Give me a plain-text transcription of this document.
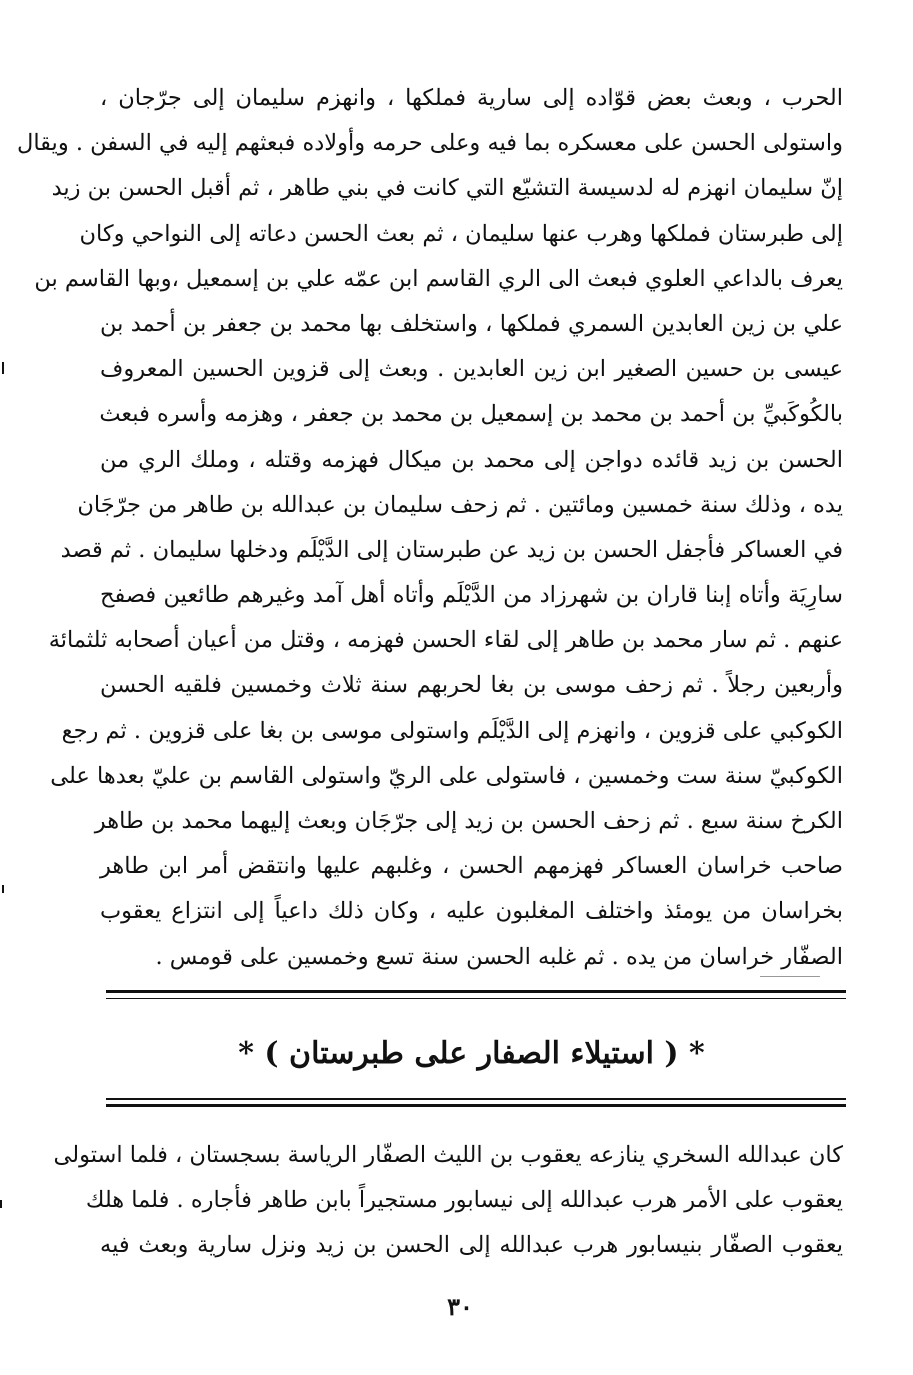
الحرب ، وبعث بعض قوّاده إلى سارية فملكها ، وانهزم سليمان إلى جرّجان ،
واستولى الحسن على معسكره بما فيه وعلى حرمه وأولاده فبعثهم إليه في السفن . ويقال
إنّ سليمان انهزم له لدسيسة التشيّع التي كانت في بني طاهر ، ثم أقبل الحسن بن زيد
إلى طبرستان فملكها وهرب عنها سليمان ، ثم بعث الحسن دعاته إلى النواحي وكان
يعرف بالداعي العلوي فبعث الى الري القاسم ابن عمّه علي بن إسمعيل ،وبها القاسم بن
علي بن زين العابدين السمري فملكها ، واستخلف بها محمد بن جعفر بن أحمد بن
عيسى بن حسين الصغير ابن زين العابدين . وبعث إلى قزوين الحسين المعروف
بالكُوكَبيِّ بن أحمد بن محمد بن إسمعيل بن محمد بن جعفر ، وهزمه وأسره فبعث
الحسن بن زيد قائده دواجن إلى محمد بن ميكال فهزمه وقتله ، وملك الري من
يده ، وذلك سنة خمسين ومائتين . ثم زحف سليمان بن عبدالله بن طاهر من جرّجَان
في العساكر فأجفل الحسن بن زيد عن طبرستان إلى الدَّيْلَم ودخلها سليمان . ثم قصد
سارِيَة وأتاه إبنا قاران بن شهرزاد من الدَّيْلَم وأتاه أهل آمد وغيرهم طائعين فصفح
عنهم . ثم سار محمد بن طاهر إلى لقاء الحسن فهزمه ، وقتل من أعيان أصحابه ثلثمائة
وأربعين رجلاً . ثم زحف موسى بن بغا لحربهم سنة ثلاث وخمسين فلقيه الحسن
الكوكبي على قزوين ، وانهزم إلى الدَّيْلَم واستولى موسى بن بغا على قزوين . ثم رجع
الكوكبيّ سنة ست وخمسين ، فاستولى على الريّ واستولى القاسم بن عليّ بعدها على
الكرخ سنة سبع . ثم زحف الحسن بن زيد إلى جرّجَان وبعث إليهما محمد بن طاهر
صاحب خراسان العساكر فهزمهم الحسن ، وغلبهم عليها وانتقض أمر ابن طاهر
بخراسان من يومئذ واختلف المغلبون عليه ، وكان ذلك داعياً إلى انتزاع يعقوب
الصفّار خراسان من يده . ثم غلبه الحسن سنة تسع وخمسين على قومس .
* ( استيلاء الصفار على طبرستان ) *
كان عبدالله السخري ينازعه يعقوب بن الليث الصفّار الرياسة بسجستان ، فلما استولى
يعقوب على الأمر هرب عبدالله إلى نيسابور مستجيراً بابن طاهر فأجاره . فلما هلك
يعقوب الصفّار بنيسابور هرب عبدالله إلى الحسن بن زيد ونزل سارية وبعث فيه
٣٠
